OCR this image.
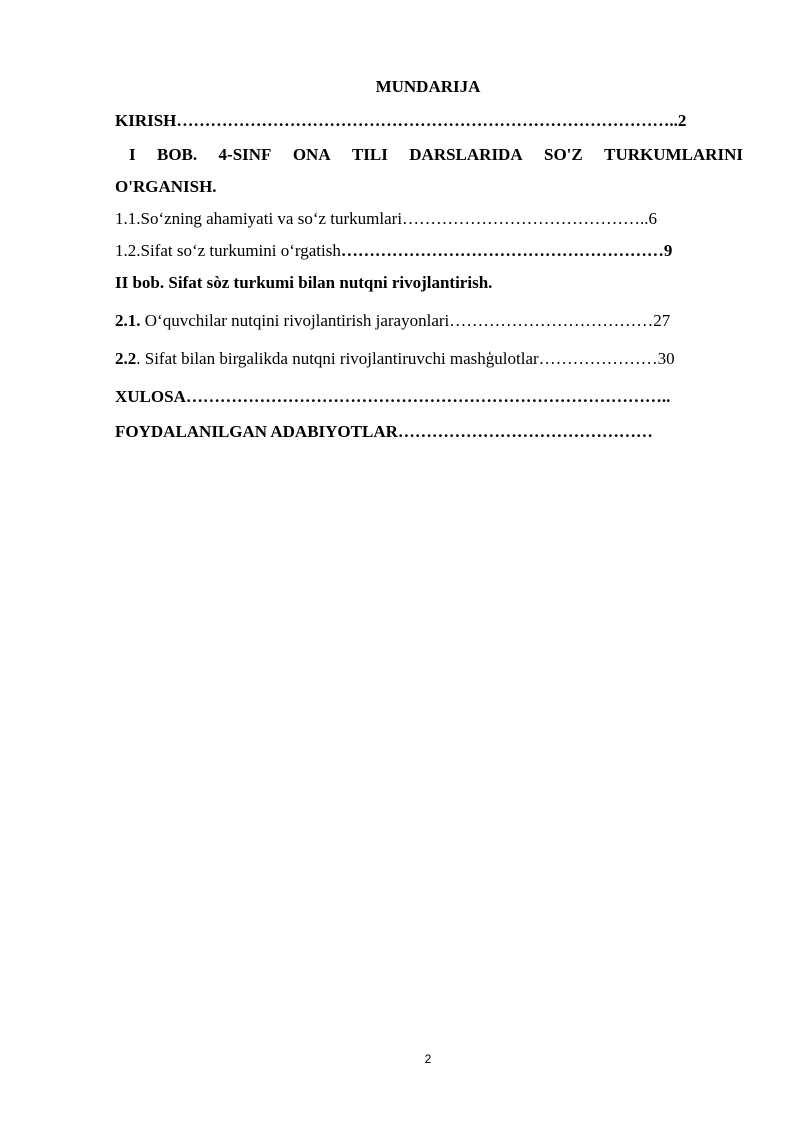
MUNDARIJA
KIRISH……………………………………………………………………………..2
I BOB. 4-SINF ONA TILI DARSLARIDA SO'Z TURKUMLARINI
O'RGANISH.
1.1.So‘zning ahamiyati va so‘z turkumlari……………………………………..6
1.2.Sifat so‘z turkumini o‘rgatish…………………………………………………9
II bob. Sifat sòz turkumi bilan nutqni rivojlantirish.
2.1. O‘quvchilar nutqini rivojlantirish jarayonlari………………………………27
2.2. Sifat bilan birgalikda nutqni rivojlantiruvchi mashģulotlar…………………30
XULOSA…………………………………………………………………………..
FOYDALANILGAN ADABIYOTLAR………………………………………
2
